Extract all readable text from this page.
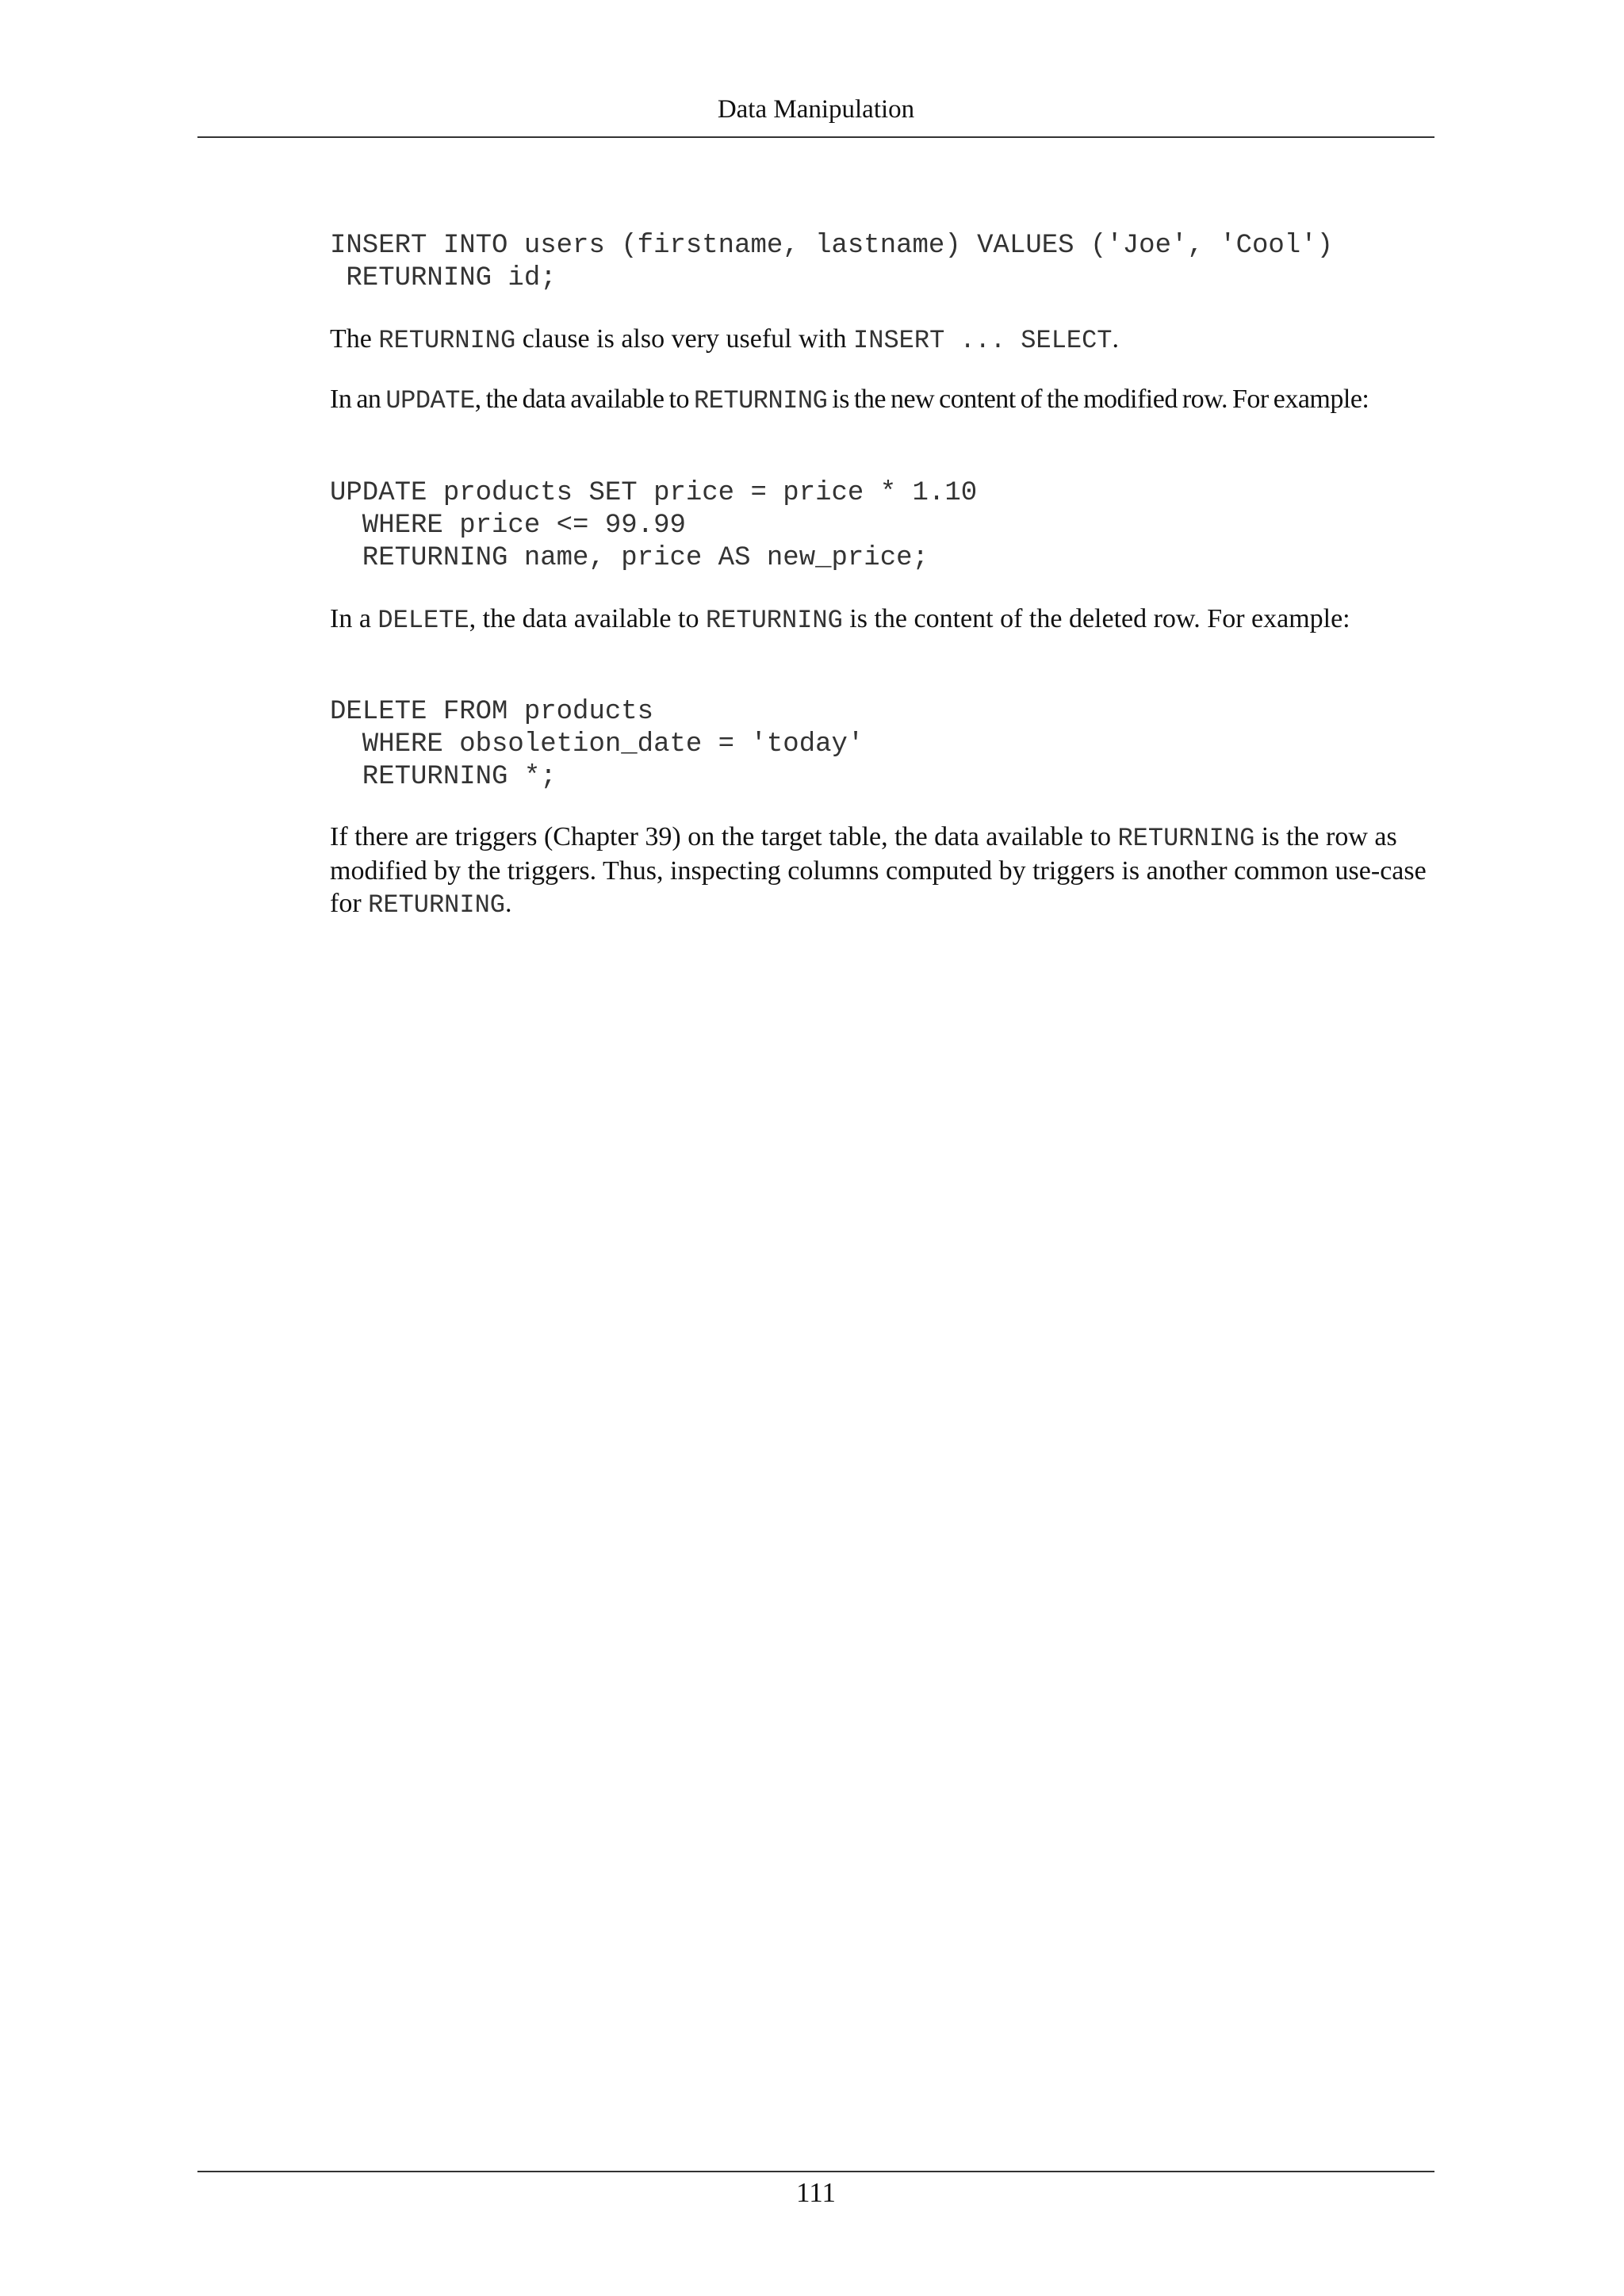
Data Manipulation
INSERT INTO users (firstname, lastname) VALUES ('Joe', 'Cool')
RETURNING id;

The RETURNING clause is also very useful with INSERT ... SELECT.

In an UPDATE, the data available to RETURNING is the new content of the modified row. For example:

UPDATE products SET price = price * 1.10
WHERE price <= 99.99
RETURNING name, price AS new_price;

In a DELETE, the data available to RETURNING is the content of the deleted row. For example:

DELETE FROM products
WHERE obsoletion_date = 'today'
RETURNING *;

If there are triggers (Chapter 39) on the target table, the data available to RETURNING is the row as modified by the triggers. Thus, inspecting columns computed by triggers is another common use-case for RETURNING.

111
